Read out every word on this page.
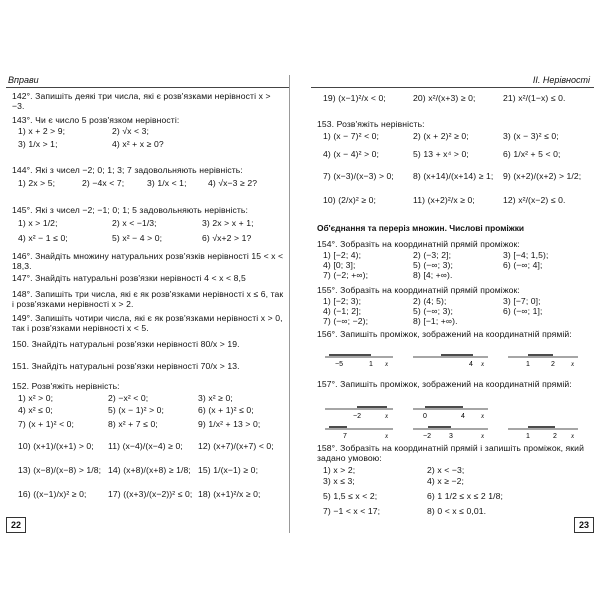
Вправи
142°. Запишіть деякі три числа, які є розв'язками нерівності x > −3.
143°. Чи є число 5 розв'язком нерівності:
1) x + 2 > 9;	2) √x < 3;
3) 1/x > 1;	4) x² + x ≥ 0?
144°. Які з чисел −2; 0; 1; 3; 7 задовольняють нерівність:
1) 2x > 5;	2) −4x < 7;	3) 1/x < 1; 4) √x−3 ≥ 2?
145°. Які з чисел −2; −1; 0; 1; 5 задовольняють нерівність:
1) x > 1/2;	2) x < −1/3;	3) 2x > x + 1;
4) x² − 1 ≤ 0;	5) x² − 4 > 0;	6) √x+2 > 1?
146°. Знайдіть множину натуральних розв'язків нерівності 15 < x < 18,3.
147°. Знайдіть натуральні розв'язки нерівності 4 < x < 8,5
148°. Запишіть три числа, які є як розв'язками нерівності x ≤ 6, так і розв'язками нерівності x > 2.
149°. Запишіть чотири числа, які є як розв'язками нерівності x > 0, так і розв'язками нерівності x < 5.
150. Знайдіть натуральні розв'язки нерівності 80/x > 19.
151. Знайдіть натуральні розв'язки нерівності 70/x > 13.
152. Розв'яжіть нерівність:
1) x² > 0;	2) −x² < 0;	3) x² ≥ 0;
4) x² ≤ 0;	5) (x − 1)² > 0;	6) (x + 1)² ≤ 0;
7) (x + 1)² < 0;	8) x² + 7 ≤ 0;	9) 1/x² + 13 > 0;
10) (x+1)/(x+1) > 0; 11) (x−4)/(x−4) ≥ 0; 12) (x+7)/(x+7) < 0;
13) (x−8)/(x−8) > 1/8; 14) (x+8)/(x+8) ≥ 1/8; 15) 1/(x−1) ≥ 0;
16) ((x−1)/x)² ≥ 0;	17) ((x+3)/(x−2))² ≤ 0; 18) (x+1)²/x ≥ 0;
22
II. Нерівності
19) (x−1)²/x < 0;	20) x²/(x+3) ≥ 0;	21) x²/(1−x) ≤ 0.
153. Розв'яжіть нерівність:
1) (x − 7)² < 0;	2) (x + 2)² ≥ 0;	3) (x − 3)² ≤ 0;
4) (x − 4)² > 0;	5) 13 + x⁴ > 0;	6) 1/x² + 5 < 0;
7) (x−3)/(x−3) > 0; 8) (x+14)/(x+14) ≥ 1; 9) (x+2)/(x+2) > 1/2;
10) (2/x)² ≥ 0;	11) (x+2)²/x ≥ 0;	12) x²/(x−2) ≤ 0.
Об'єднання та переріз множин. Числові проміжки
154°. Зобразіть на координатній прямій проміжок:
1) [−2; 4);	2) (−3; 2];	3) [−4; 1,5);
4) [0; 3];	5) (−∞; 3);	6) (−∞; 4];
7) (−2; +∞);	8) [4; +∞).
155°. Зобразіть на координатній прямій проміжок:
1) [−2; 3);	2) (4; 5);	3) [−7; 0];
4) (−1; 2];	5) (−∞; 3);	6) (−∞; 1];
7) (−∞; −2);	8) [−1; +∞).
156°. Запишіть проміжок, зображений на координатній прямій:
−5	1 x	4 x	1	2 x
157°. Запишіть проміжок, зображений на координатній прямій:
−2	x	0	4 x
7	x	−2	3	x	1	2 x
158°. Зобразіть на координатній прямій і запишіть проміжок, який задано умовою:
1) x > 2;	2) x < −3;
3) x ≤ 3;	4) x ≥ −2;
5) 1,5 ≤ x < 2;	6) 1 1/2 ≤ x ≤ 2 1/8;
7) −1 < x < 17;	8) 0 < x ≤ 0,01.
23
